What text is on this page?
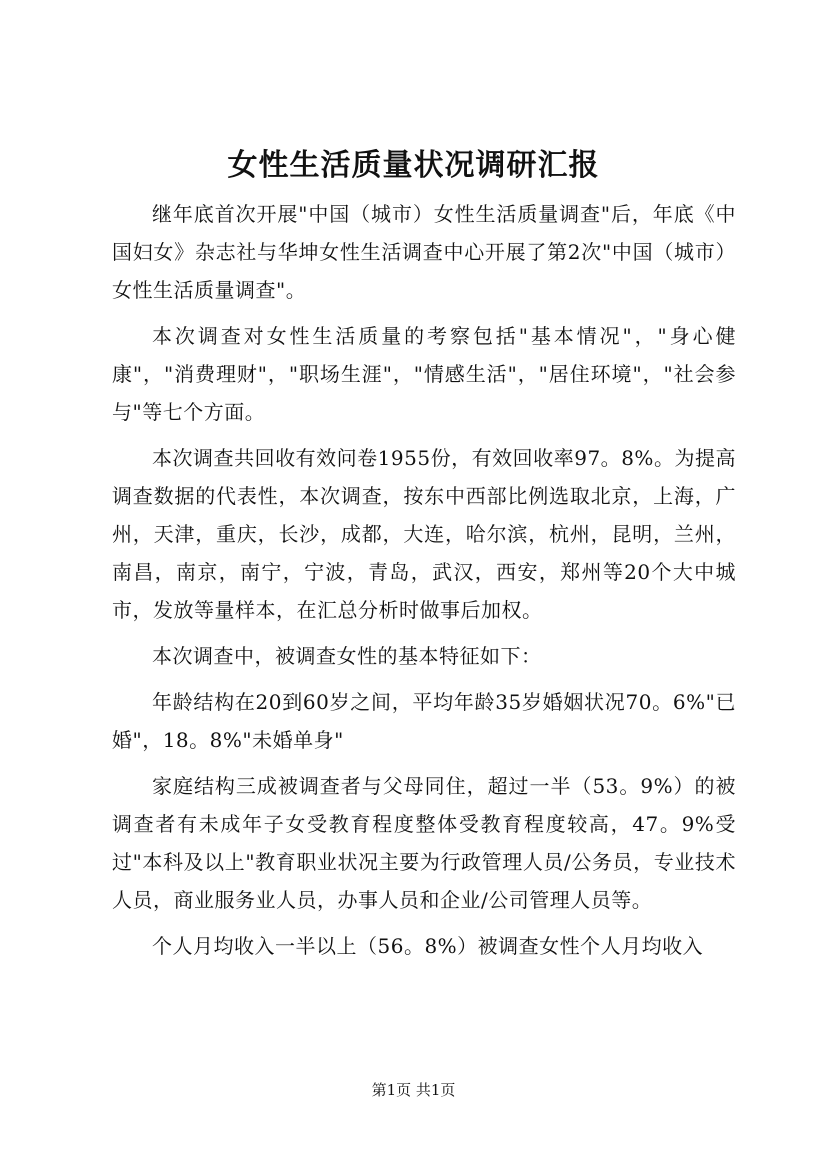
女性生活质量状况调研汇报

继年底首次开展"中国（城市）女性生活质量调查"后，年底《中国妇女》杂志社与华坤女性生活调查中心开展了第2次"中国（城市）女性生活质量调查"。

本次调查对女性生活质量的考察包括"基本情况"，"身心健康"，"消费理财"，"职场生涯"，"情感生活"，"居住环境"，"社会参与"等七个方面。

本次调查共回收有效问卷1955份，有效回收率97。8%。为提高调查数据的代表性，本次调查，按东中西部比例选取北京，上海，广州，天津，重庆，长沙，成都，大连，哈尔滨，杭州，昆明，兰州，南昌，南京，南宁，宁波，青岛，武汉，西安，郑州等20个大中城市，发放等量样本，在汇总分析时做事后加权。

本次调查中，被调查女性的基本特征如下：

年龄结构在20到60岁之间，平均年龄35岁婚姻状况70。6%"已婚"，18。8%"未婚单身"

家庭结构三成被调查者与父母同住，超过一半（53。9%）的被调查者有未成年子女受教育程度整体受教育程度较高，47。9%受过"本科及以上"教育职业状况主要为行政管理人员/公务员，专业技术人员，商业服务业人员，办事人员和企业/公司管理人员等。

个人月均收入一半以上（56。8%）被调查女性个人月均收入

第1页 共1页
